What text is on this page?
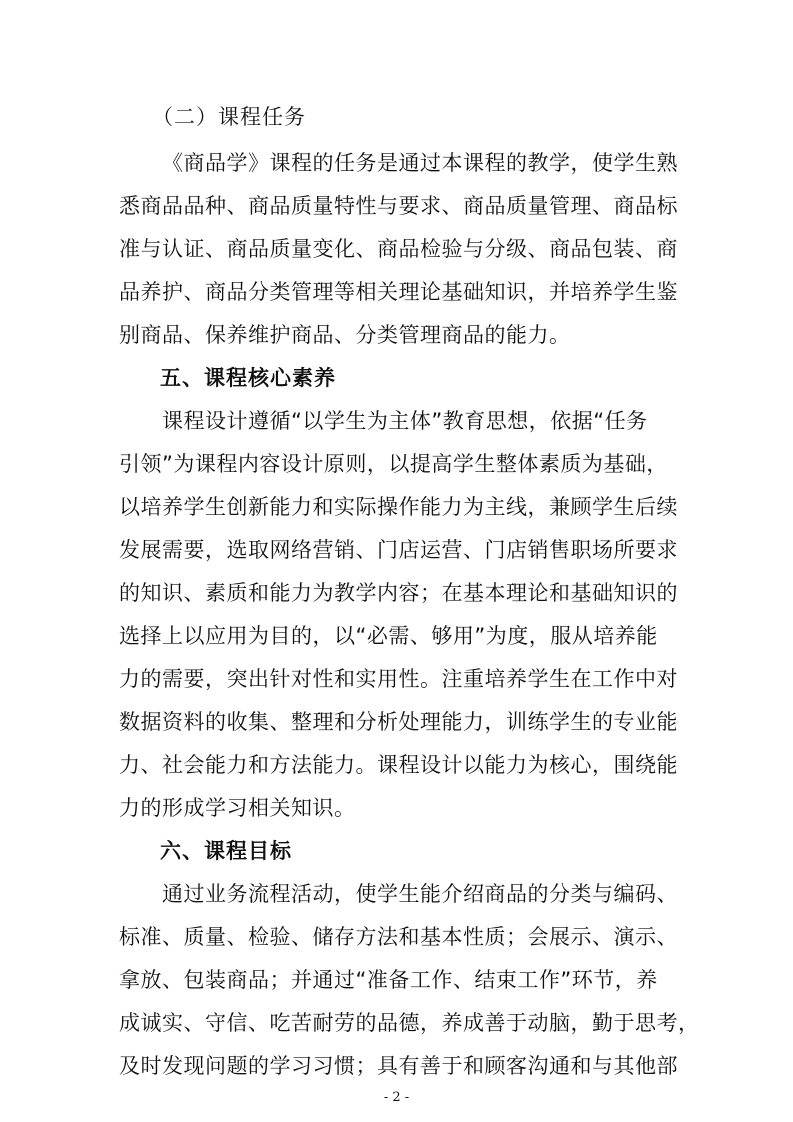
（二）课程任务
《商品学》课程的任务是通过本课程的教学，使学生熟
悉商品品种、商品质量特性与要求、商品质量管理、商品标
准与认证、商品质量变化、商品检验与分级、商品包装、商
品养护、商品分类管理等相关理论基础知识，并培养学生鉴
别商品、保养维护商品、分类管理商品的能力。
五、课程核心素养
课程设计遵循“以学生为主体”教育思想，依据“任务
引领”为课程内容设计原则，以提高学生整体素质为基础，
以培养学生创新能力和实际操作能力为主线，兼顾学生后续
发展需要，选取网络营销、门店运营、门店销售职场所要求
的知识、素质和能力为教学内容；在基本理论和基础知识的
选择上以应用为目的，以“必需、够用”为度，服从培养能
力的需要，突出针对性和实用性。注重培养学生在工作中对
数据资料的收集、整理和分析处理能力，训练学生的专业能
力、社会能力和方法能力。课程设计以能力为核心，围绕能
力的形成学习相关知识。
六、课程目标
通过业务流程活动，使学生能介绍商品的分类与编码、
标准、质量、检验、储存方法和基本性质；会展示、演示、
拿放、包装商品；并通过“准备工作、结束工作”环节，养
成诚实、守信、吃苦耐劳的品德，养成善于动脑，勤于思考，
及时发现问题的学习习惯；具有善于和顾客沟通和与其他部
- 2 -
